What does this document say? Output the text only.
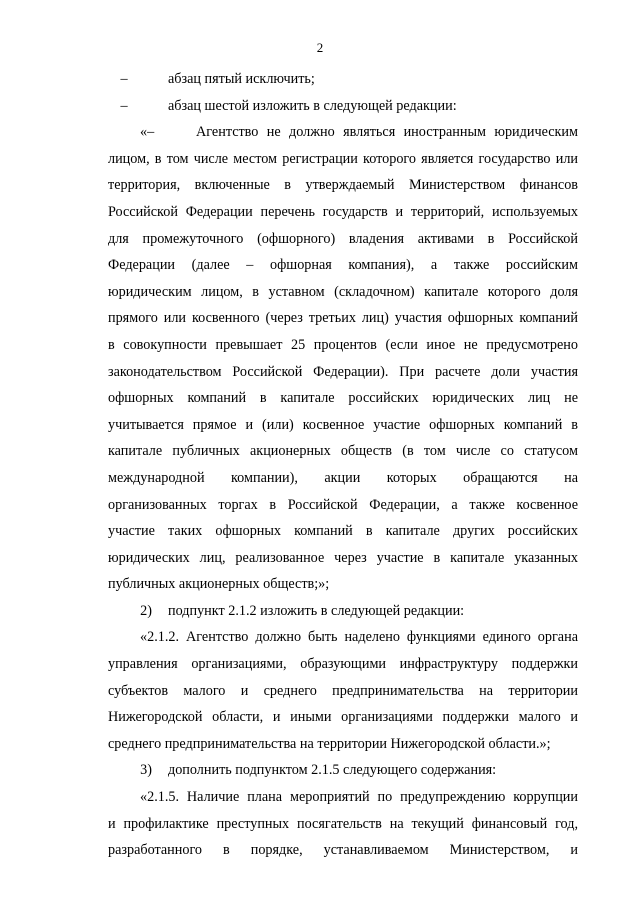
2
–	абзац пятый исключить;
–	абзац шестой изложить в следующей редакции:
«–     Агентство не должно являться иностранным юридическим
лицом, в том числе местом регистрации которого является государство или
территория, включенные в утверждаемый Министерством финансов
Российской Федерации перечень государств и территорий, используемых
для промежуточного (офшорного) владения активами в Российской
Федерации (далее – офшорная компания), а также российским
юридическим лицом, в уставном (складочном) капитале которого доля
прямого или косвенного (через третьих лиц) участия офшорных компаний
в совокупности превышает 25 процентов (если иное не предусмотрено
законодательством Российской Федерации). При расчете доли участия
офшорных компаний в капитале российских юридических лиц не
учитывается прямое и (или) косвенное участие офшорных компаний в
капитале публичных акционерных обществ (в том числе со статусом
международной компании), акции которых обращаются на
организованных торгах в Российской Федерации, а также косвенное
участие таких офшорных компаний в капитале других российских
юридических лиц, реализованное через участие в капитале указанных
публичных акционерных обществ;»;
2)	подпункт 2.1.2 изложить в следующей редакции:
«2.1.2. Агентство должно быть наделено функциями единого органа
управления организациями, образующими инфраструктуру поддержки
субъектов малого и среднего предпринимательства на территории
Нижегородской области, и иными организациями поддержки малого и
среднего предпринимательства на территории Нижегородской области.»;
3)	дополнить подпунктом 2.1.5 следующего содержания:
«2.1.5. Наличие плана мероприятий по предупреждению коррупции
и профилактике преступных посягательств на текущий финансовый год,
разработанного в порядке, устанавливаемом Министерством, и
